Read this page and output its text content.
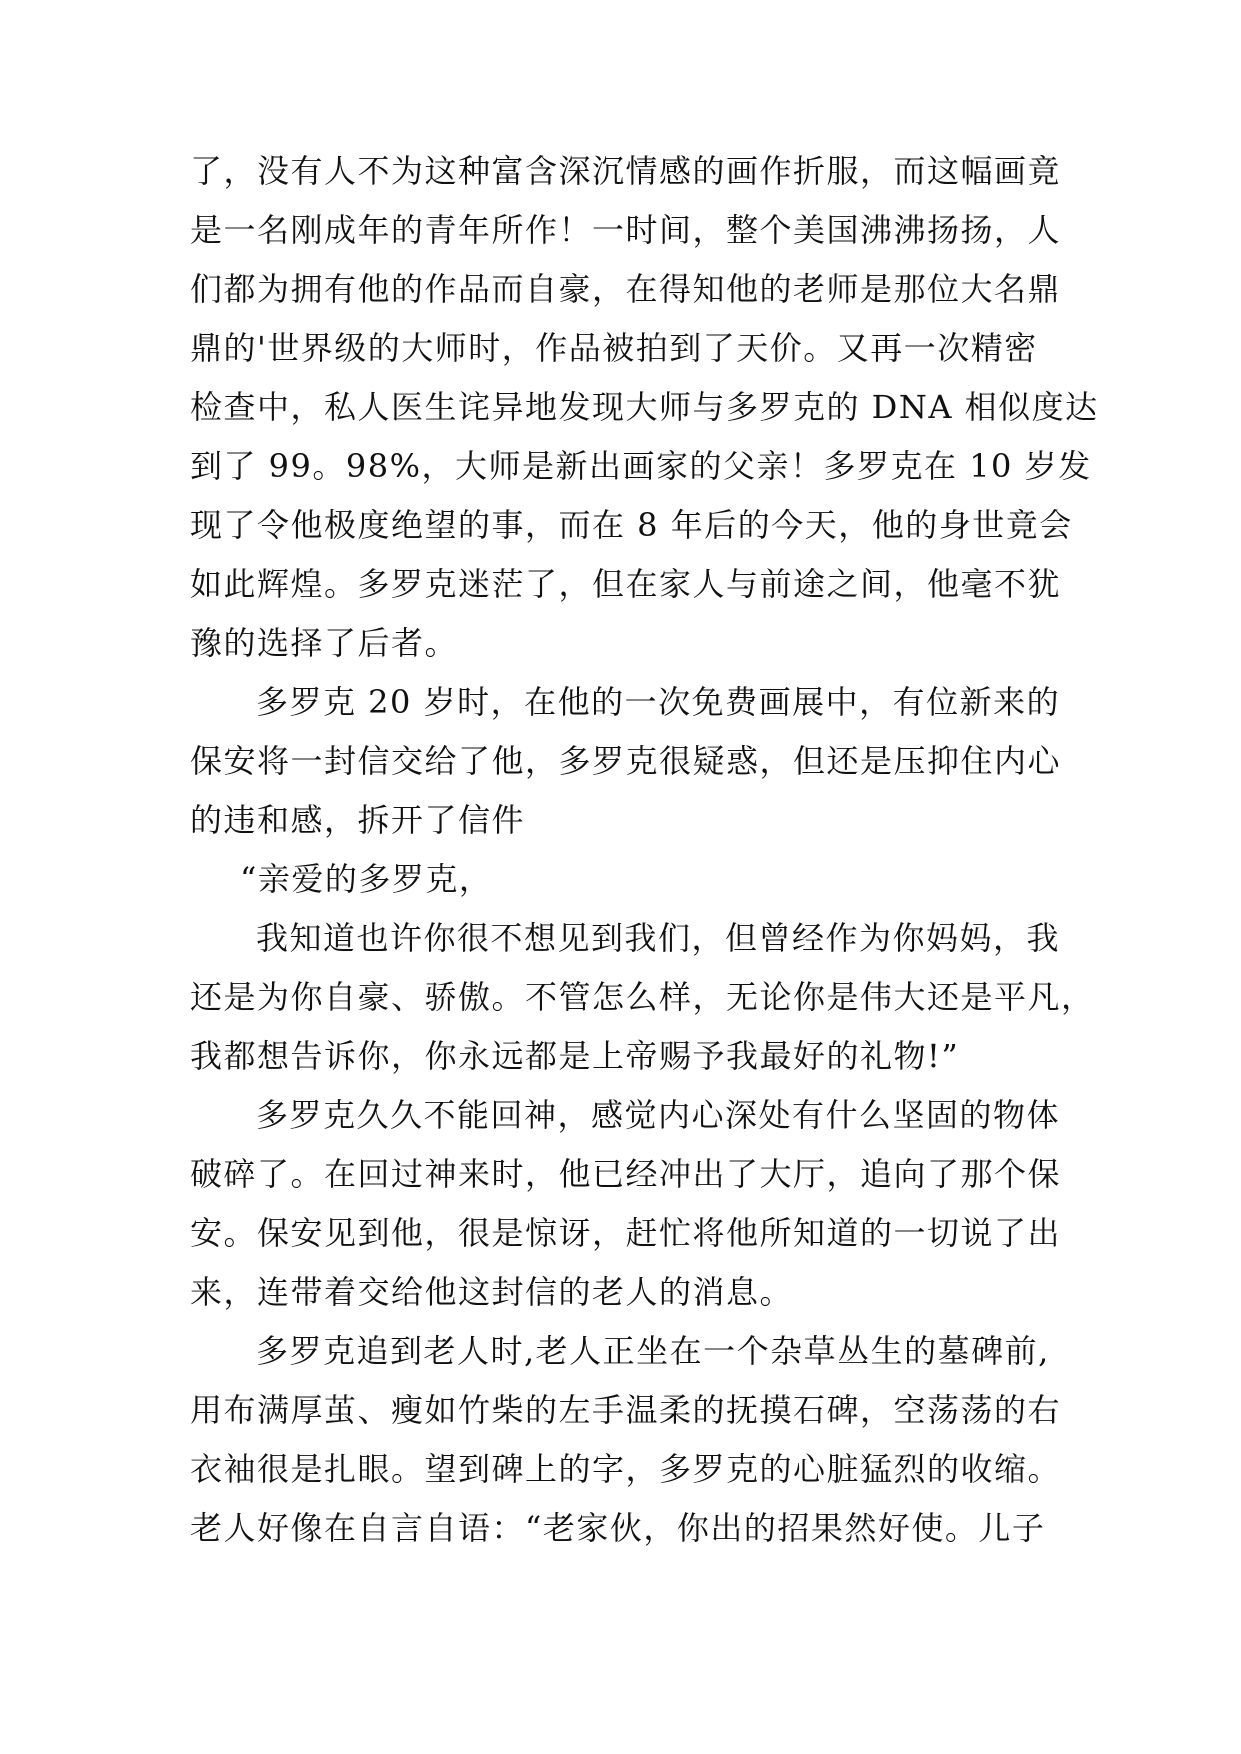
了，没有人不为这种富含深沉情感的画作折服，而这幅画竟
是一名刚成年的青年所作！一时间，整个美国沸沸扬扬，人
们都为拥有他的作品而自豪，在得知他的老师是那位大名鼎
鼎的'世界级的大师时，作品被拍到了天价。又再一次精密
检查中，私人医生诧异地发现大师与多罗克的 DNA 相似度达
到了 99。98%，大师是新出画家的父亲！多罗克在 10 岁发
现了令他极度绝望的事，而在 8 年后的今天，他的身世竟会
如此辉煌。多罗克迷茫了，但在家人与前途之间，他毫不犹
豫的选择了后者。
多罗克 20 岁时，在他的一次免费画展中，有位新来的
保安将一封信交给了他，多罗克很疑惑，但还是压抑住内心
的违和感，拆开了信件
“亲爱的多罗克，
我知道也许你很不想见到我们，但曾经作为你妈妈，我
还是为你自豪、骄傲。不管怎么样，无论你是伟大还是平凡，
我都想告诉你，你永远都是上帝赐予我最好的礼物!”
多罗克久久不能回神，感觉内心深处有什么坚固的物体
破碎了。在回过神来时，他已经冲出了大厅，追向了那个保
安。保安见到他，很是惊讶，赶忙将他所知道的一切说了出
来，连带着交给他这封信的老人的消息。
多罗克追到老人时,老人正坐在一个杂草丛生的墓碑前,
用布满厚茧、瘦如竹柴的左手温柔的抚摸石碑，空荡荡的右
衣袖很是扎眼。望到碑上的字，多罗克的心脏猛烈的收缩。
老人好像在自言自语：“老家伙，你出的招果然好使。儿子
